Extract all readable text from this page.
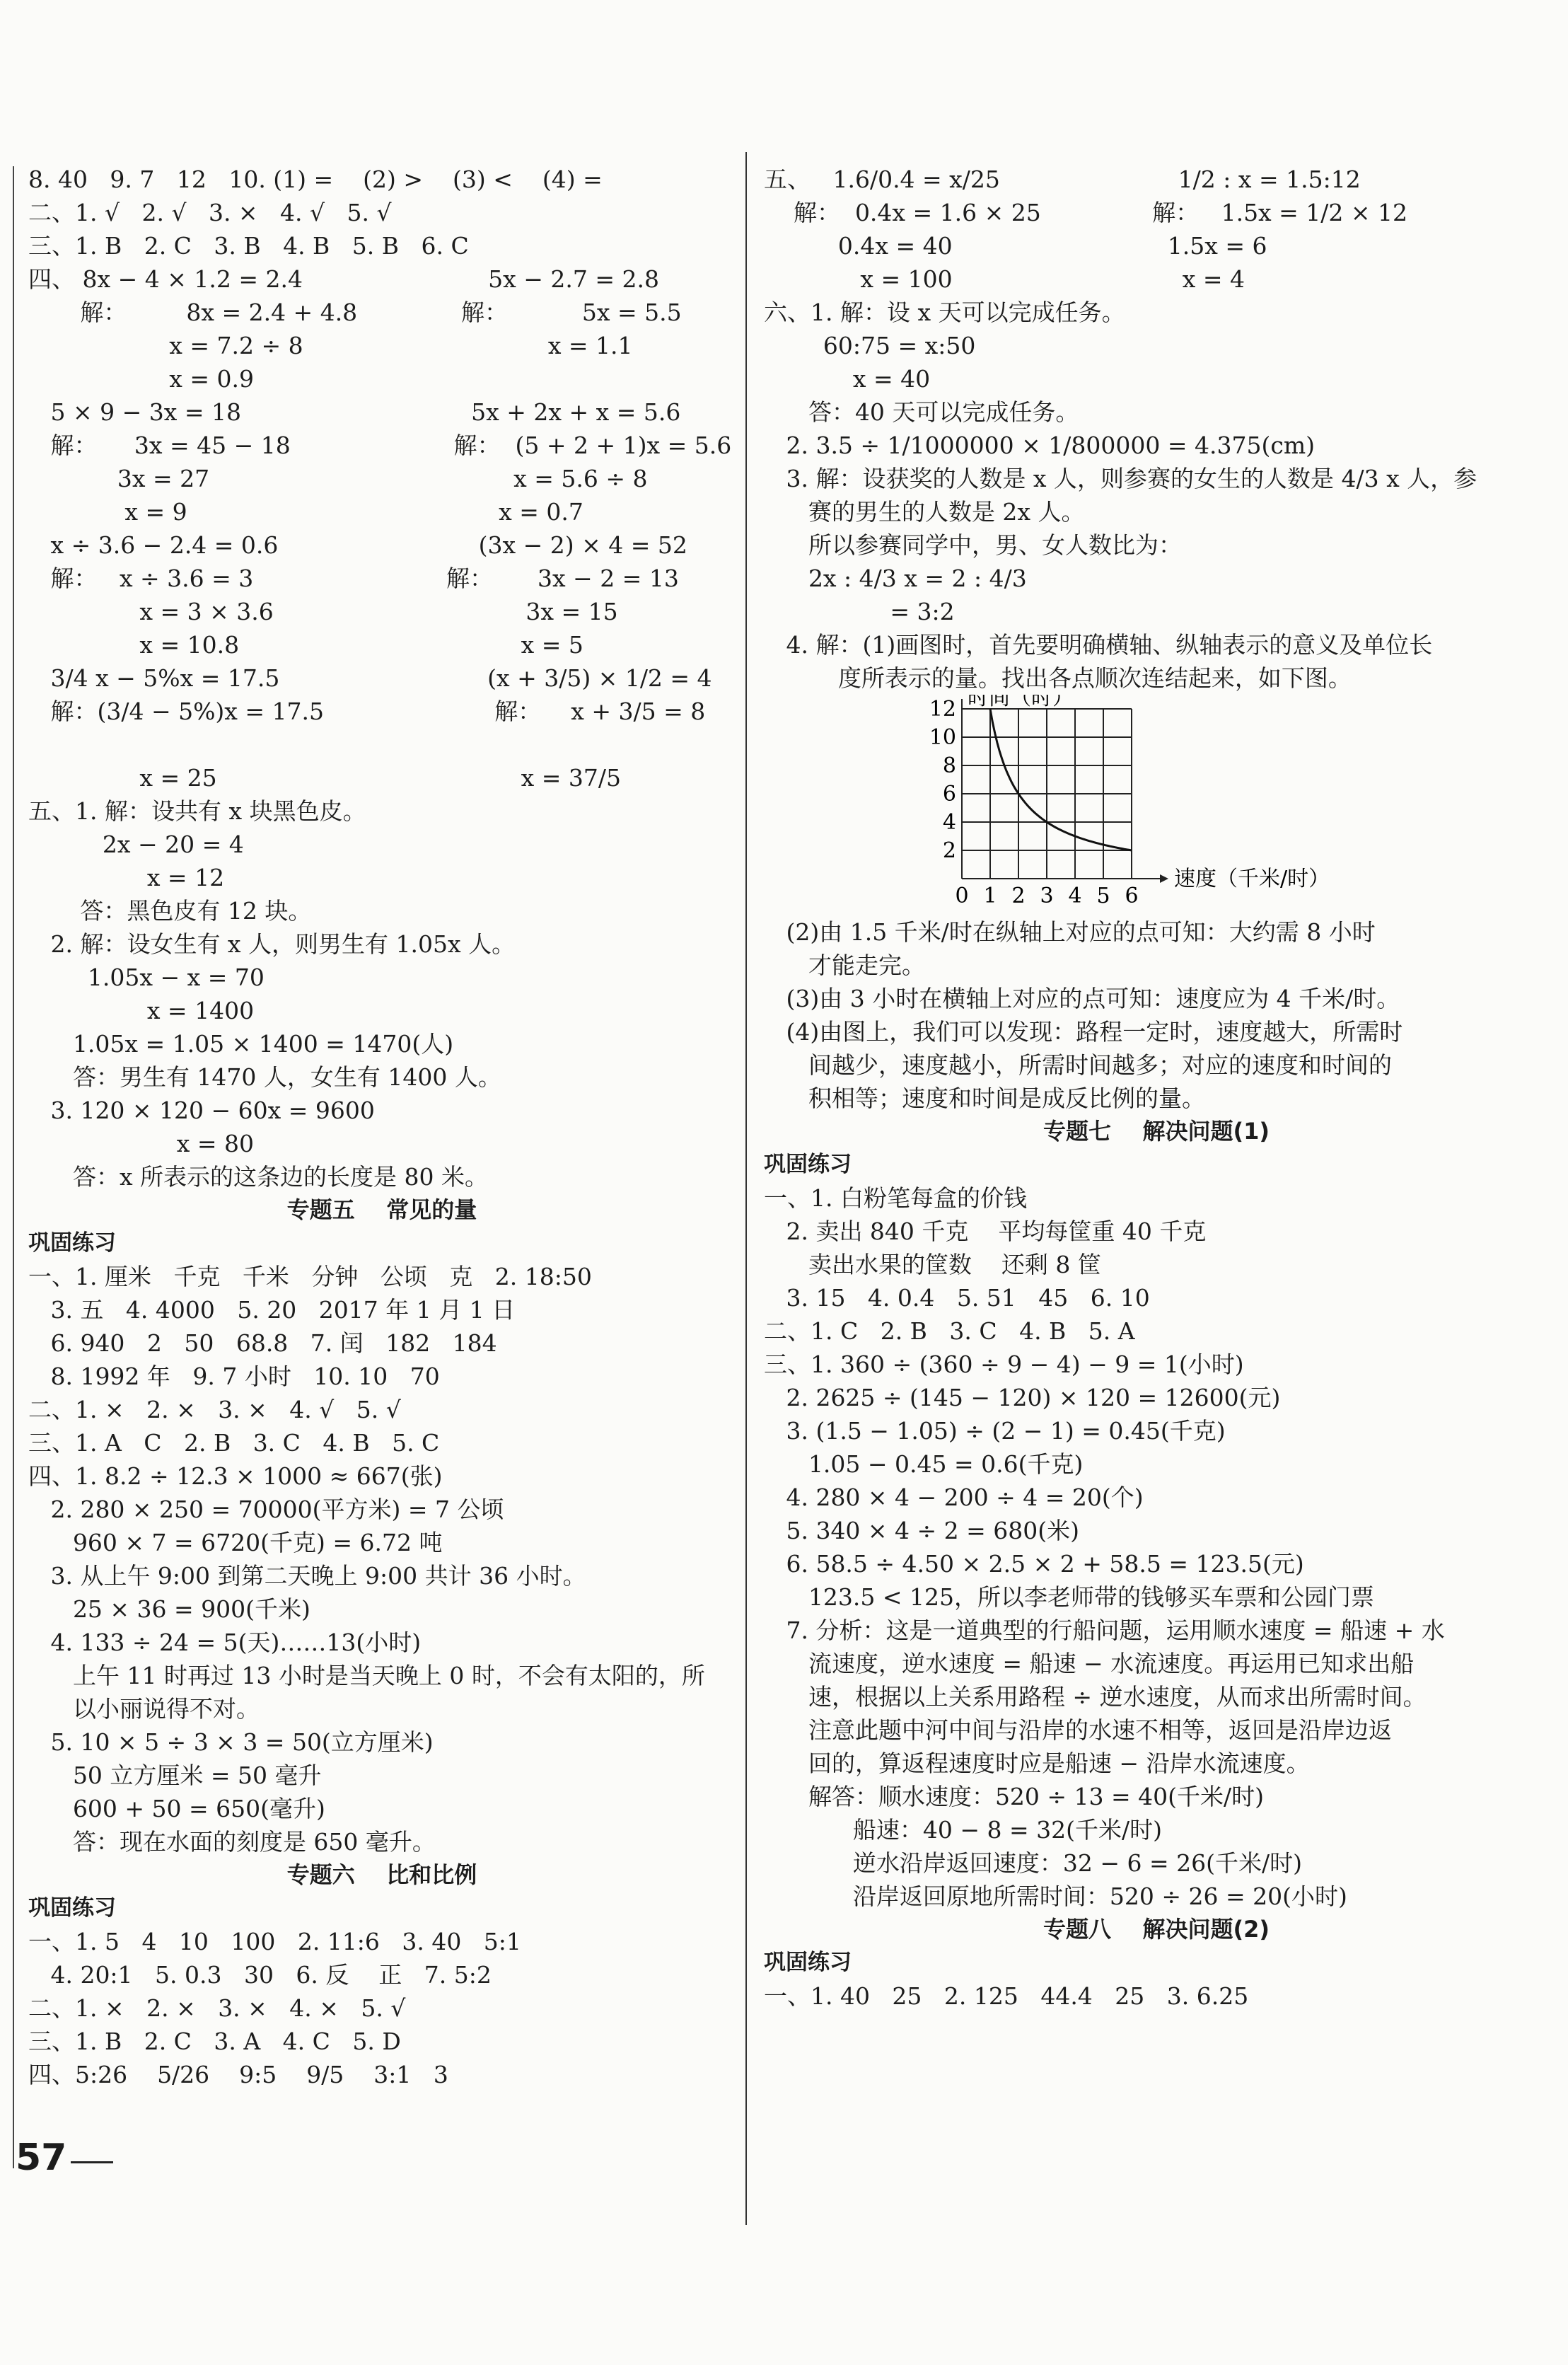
8. 40   9. 7   12   10. (1) =    (2) >    (3) <    (4) =
二、1. √   2. √   3. ×   4. √   5. √
三、1. B   2. C   3. B   4. B   5. B   6. C
四、 8x − 4 × 1.2 = 2.4                         5x − 2.7 = 2.8
解：        8x = 2.4 + 4.8              解：          5x = 5.5
x = 7.2 ÷ 8                                 x = 1.1
x = 0.9
5 × 9 − 3x = 18                               5x + 2x + x = 5.6
解：     3x = 45 − 18                      解：  (5 + 2 + 1)x = 5.6
3x = 27                                         x = 5.6 ÷ 8
x = 9                                          x = 0.7
x ÷ 3.6 − 2.4 = 0.6                           (3x − 2) × 4 = 52
解：   x ÷ 3.6 = 3                          解：      3x − 2 = 13
x = 3 × 3.6                                  3x = 15
x = 10.8                                      x = 5
3/4 x − 5%x = 17.5                            (x + 3/5) × 1/2 = 4
解：(3/4 − 5%)x = 17.5                       解：    x + 3/5 = 8
x = 25                                         x = 37/5
五、1. 解：设共有 x 块黑色皮。
2x − 20 = 4
x = 12
答：黑色皮有 12 块。
2. 解：设女生有 x 人，则男生有 1.05x 人。
1.05x − x = 70
x = 1400
1.05x = 1.05 × 1400 = 1470(人)
答：男生有 1470 人，女生有 1400 人。
3. 120 × 120 − 60x = 9600
x = 80
答：x 所表示的这条边的长度是 80 米。
专题五    常见的量
巩固练习
一、1. 厘米   千克   千米   分钟   公顷   克   2. 18:50
3. 五   4. 4000   5. 20   2017 年 1 月 1 日
6. 940   2   50   68.8   7. 闰   182   184
8. 1992 年   9. 7 小时   10. 10   70
二、1. ×   2. ×   3. ×   4. √   5. √
三、1. A   C   2. B   3. C   4. B   5. C
四、1. 8.2 ÷ 12.3 × 1000 ≈ 667(张)
2. 280 × 250 = 70000(平方米) = 7 公顷
960 × 7 = 6720(千克) = 6.72 吨
3. 从上午 9:00 到第二天晚上 9:00 共计 36 小时。
25 × 36 = 900(千米)
4. 133 ÷ 24 = 5(天)……13(小时)
上午 11 时再过 13 小时是当天晚上 0 时，不会有太阳的，所
以小丽说得不对。
5. 10 × 5 ÷ 3 × 3 = 50(立方厘米)
50 立方厘米 = 50 毫升
600 + 50 = 650(毫升)
答：现在水面的刻度是 650 毫升。
专题六    比和比例
巩固练习
一、1. 5   4   10   100   2. 11:6   3. 40   5:1
4. 20:1   5. 0.3   30   6. 反    正   7. 5:2
二、1. ×   2. ×   3. ×   4. ×   5. √
三、1. B   2. C   3. A   4. C   5. D
四、5:26    5/26    9:5    9/5    3:1   3
五、   1.6/0.4 = x/25                        1/2 : x = 1.5:12
解：  0.4x = 1.6 × 25               解：   1.5x = 1/2 × 12
0.4x = 40                             1.5x = 6
x = 100                               x = 4
六、1. 解：设 x 天可以完成任务。
60:75 = x:50
x = 40
答：40 天可以完成任务。
2. 3.5 ÷ 1/1000000 × 1/800000 = 4.375(cm)
3. 解：设获奖的人数是 x 人，则参赛的女生的人数是 4/3 x 人，参
赛的男生的人数是 2x 人。
所以参赛同学中，男、女人数比为：
2x : 4/3 x = 2 : 4/3
= 3:2
4. 解：(1)画图时，首先要明确横轴、纵轴表示的意义及单位长
度所表示的量。找出各点顺次连结起来，如下图。
0 1 2 3 4 5 6
2
4
6
8
10
12 时间（时）
速度（千米/时）
(2)由 1.5 千米/时在纵轴上对应的点可知：大约需 8 小时
才能走完。
(3)由 3 小时在横轴上对应的点可知：速度应为 4 千米/时。
(4)由图上，我们可以发现：路程一定时，速度越大，所需时
间越少，速度越小，所需时间越多；对应的速度和时间的
积相等；速度和时间是成反比例的量。
专题七    解决问题(1)
巩固练习
一、1. 白粉笔每盒的价钱
2. 卖出 840 千克    平均每筐重 40 千克
卖出水果的筐数    还剩 8 筐
3. 15   4. 0.4   5. 51   45   6. 10
二、1. C   2. B   3. C   4. B   5. A
三、1. 360 ÷ (360 ÷ 9 − 4) − 9 = 1(小时)
2. 2625 ÷ (145 − 120) × 120 = 12600(元)
3. (1.5 − 1.05) ÷ (2 − 1) = 0.45(千克)
1.05 − 0.45 = 0.6(千克)
4. 280 × 4 − 200 ÷ 4 = 20(个)
5. 340 × 4 ÷ 2 = 680(米)
6. 58.5 ÷ 4.50 × 2.5 × 2 + 58.5 = 123.5(元)
123.5 < 125，所以李老师带的钱够买车票和公园门票
7. 分析：这是一道典型的行船问题，运用顺水速度 = 船速 + 水
流速度，逆水速度 = 船速 − 水流速度。再运用已知求出船
速，根据以上关系用路程 ÷ 逆水速度，从而求出所需时间。
注意此题中河中间与沿岸的水速不相等，返回是沿岸边返
回的，算返程速度时应是船速 − 沿岸水流速度。
解答：顺水速度：520 ÷ 13 = 40(千米/时)
船速：40 − 8 = 32(千米/时)
逆水沿岸返回速度：32 − 6 = 26(千米/时)
沿岸返回原地所需时间：520 ÷ 26 = 20(小时)
专题八    解决问题(2)
巩固练习
一、1. 40   25   2. 125   44.4   25   3. 6.25
57
